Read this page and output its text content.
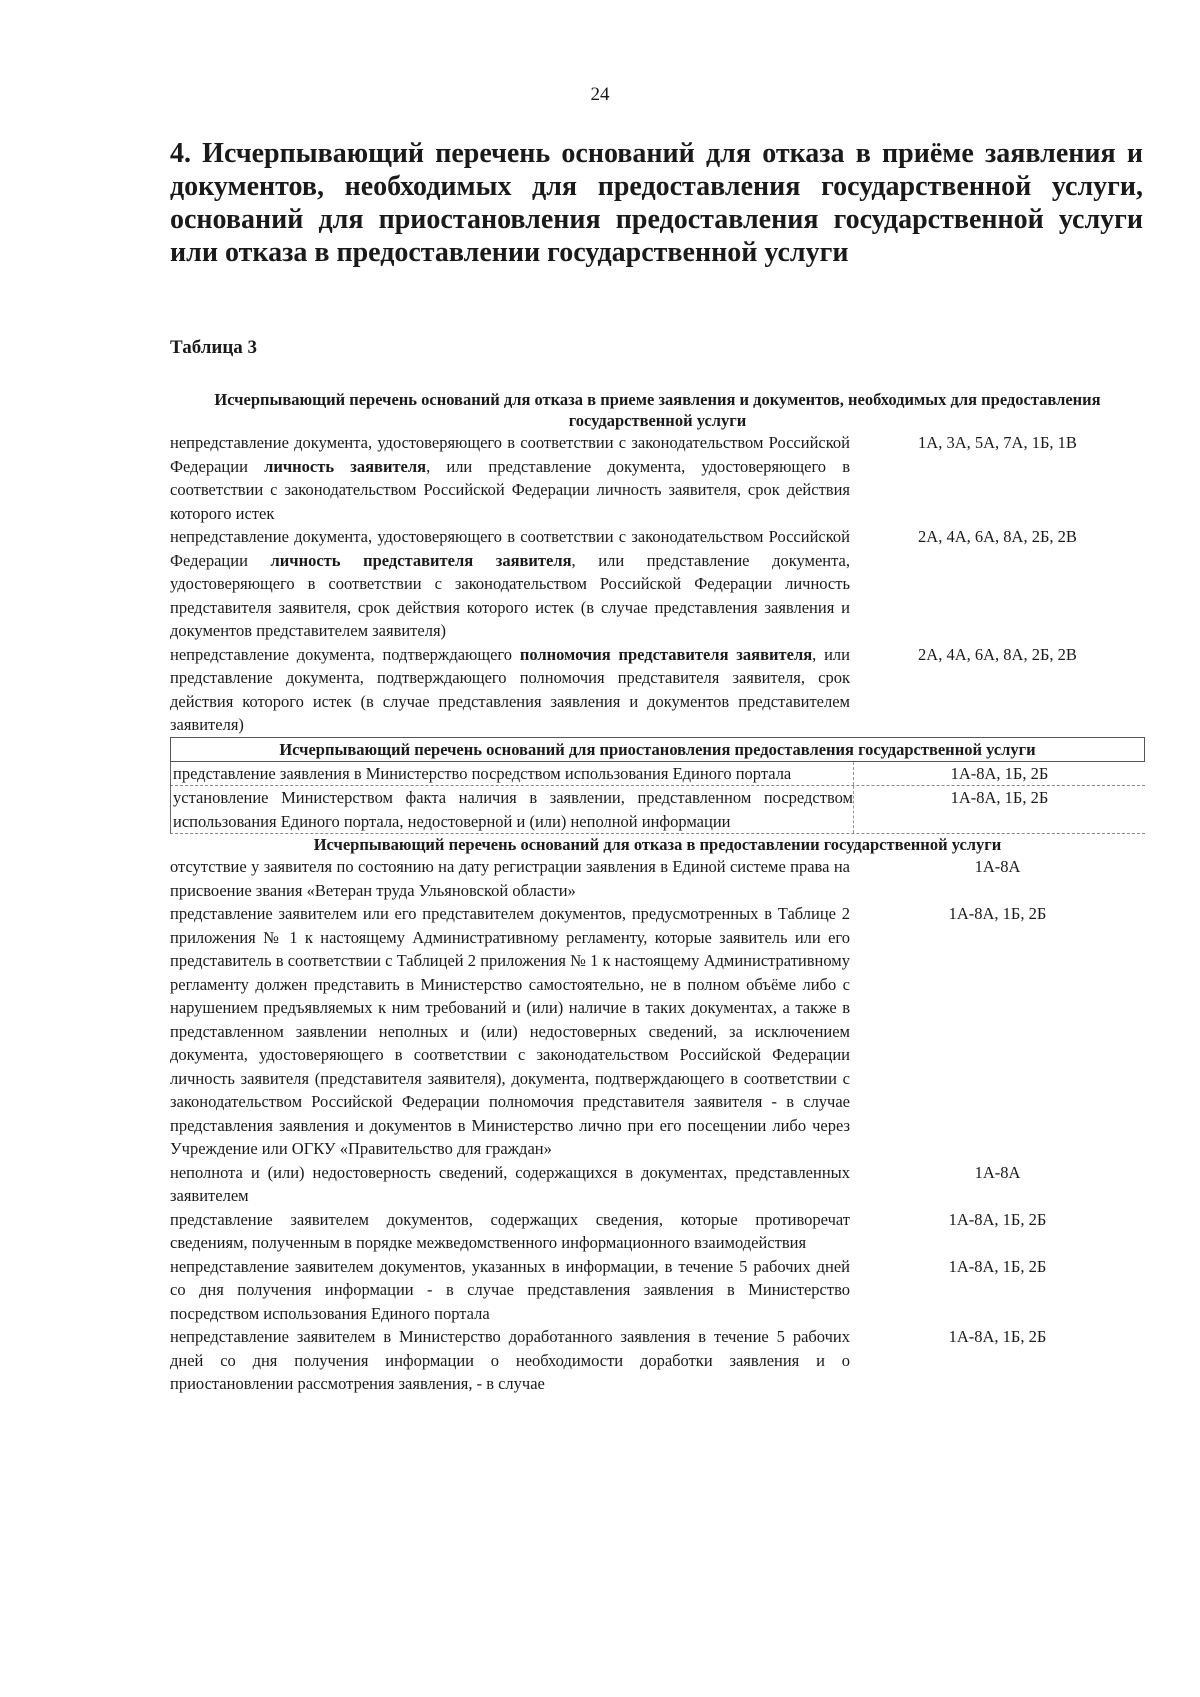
24
4. Исчерпывающий перечень оснований для отказа в приёме заявления и документов, необходимых для предоставления государственной услуги, оснований для приостановления предоставления государственной услуги или отказа в предоставлении государственной услуги
Таблица 3
Исчерпывающий перечень оснований для отказа в приеме заявления и документов, необходимых для предоставления государственной услуги
непредставление документа, удостоверяющего в соответствии с законодательством Российской Федерации личность заявителя, или представление документа, удостоверяющего в соответствии с законодательством Российской Федерации личность заявителя, срок действия которого истек
1А, 3А, 5А, 7А, 1Б, 1В
непредставление документа, удостоверяющего в соответствии с законодательством Российской Федерации личность представителя заявителя, или представление документа, удостоверяющего в соответствии с законодательством Российской Федерации личность представителя заявителя, срок действия которого истек (в случае представления заявления и документов представителем заявителя)
2А, 4А, 6А, 8А, 2Б, 2В
непредставление документа, подтверждающего полномочия представителя заявителя, или представление документа, подтверждающего полномочия представителя заявителя, срок действия которого истек (в случае представления заявления и документов представителем заявителя)
2А, 4А, 6А, 8А, 2Б, 2В
Исчерпывающий перечень оснований для приостановления предоставления государственной услуги
представление заявления в Министерство посредством использования Единого портала	1А-8А, 1Б, 2Б
установление Министерством факта наличия в заявлении, представленном посредством использования Единого портала, недостоверной и (или) неполной информации
1А-8А, 1Б, 2Б
Исчерпывающий перечень оснований для отказа в предоставлении государственной услуги
отсутствие у заявителя по состоянию на дату регистрации заявления в Единой системе права на присвоение звания «Ветеран труда Ульяновской области»
1А-8А
представление заявителем или его представителем документов, предусмотренных в Таблице 2 приложения № 1 к настоящему Административному регламенту, которые заявитель или его представитель в соответствии с Таблицей 2 приложения № 1 к настоящему Административному регламенту должен представить в Министерство самостоятельно, не в полном объёме либо с нарушением предъявляемых к ним требований и (или) наличие в таких документах, а также в представленном заявлении неполных и (или) недостоверных сведений, за исключением документа, удостоверяющего в соответствии с законодательством Российской Федерации личность заявителя (представителя заявителя), документа, подтверждающего в соответствии с законодательством Российской Федерации полномочия представителя заявителя - в случае представления заявления и документов в Министерство лично при его посещении либо через Учреждение или ОГКУ «Правительство для граждан»
1А-8А, 1Б, 2Б
неполнота и (или) недостоверность сведений, содержащихся в документах, представленных заявителем
1А-8А
представление заявителем документов, содержащих сведения, которые противоречат сведениям, полученным в порядке межведомственного информационного взаимодействия
1А-8А, 1Б, 2Б
непредставление заявителем документов, указанных в информации, в течение 5 рабочих дней со дня получения информации - в случае представления заявления в Министерство посредством использования Единого портала
1А-8А, 1Б, 2Б
непредставление заявителем в Министерство доработанного заявления в течение 5 рабочих дней со дня получения информации о необходимости доработки заявления и о приостановлении рассмотрения заявления, - в случае
1А-8А, 1Б, 2Б
